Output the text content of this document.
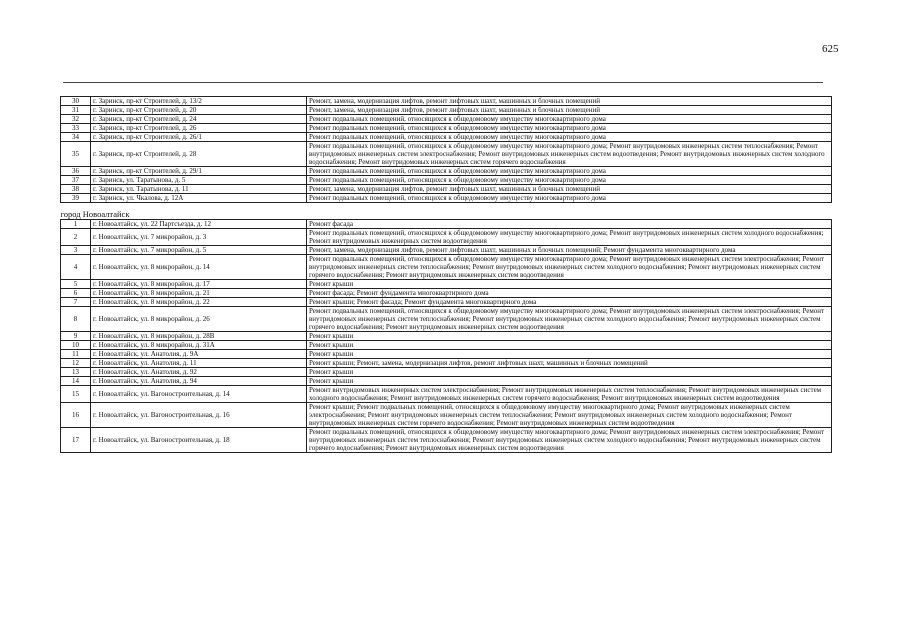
625
30	г. Заринск, пр-кт Строителей, д. 13/2	Ремонт, замена, модернизация лифтов, ремонт лифтовых шахт, машинных и блочных помещений
31	г. Заринск, пр-кт Строителей, д. 20	Ремонт, замена, модернизация лифтов, ремонт лифтовых шахт, машинных и блочных помещений
32	г. Заринск, пр-кт Строителей, д. 24	Ремонт подвальных помещений, относящихся к общедомовому имуществу многоквартирного дома
33	г. Заринск, пр-кт Строителей, д. 26	Ремонт подвальных помещений, относящихся к общедомовому имуществу многоквартирного дома
34	г. Заринск, пр-кт Строителей, д. 26/1	Ремонт подвальных помещений, относящихся к общедомовому имуществу многоквартирного дома
35	г. Заринск, пр-кт Строителей, д. 28	Ремонт подвальных помещений, относящихся к общедомовому имуществу многоквартирного дома; Ремонт внутридомовых инженерных систем теплоснабжения; Ремонт внутридомовых инженерных систем электроснабжения; Ремонт внутридомовых инженерных систем водоотведения; Ремонт внутридомовых инженерных систем холодного водоснабжения; Ремонт внутридомовых инженерных систем горячего водоснабжения
36	г. Заринск, пр-кт Строителей, д. 29/1	Ремонт подвальных помещений, относящихся к общедомовому имуществу многоквартирного дома
37	г. Заринск, ул. Таратынова, д. 5	Ремонт подвальных помещений, относящихся к общедомовому имуществу многоквартирного дома
38	г. Заринск, ул. Таратынова, д. 11	Ремонт, замена, модернизация лифтов, ремонт лифтовых шахт, машинных и блочных помещений
39	г. Заринск, ул. Чкалова, д. 12А	Ремонт подвальных помещений, относящихся к общедомовому имуществу многоквартирного дома
город Новоалтайск		
1	г. Новоалтайск, ул. 22 Партсъезда, д. 12	Ремонт фасада
2	г. Новоалтайск, ул. 7 микрорайон, д. 3	Ремонт подвальных помещений, относящихся к общедомовому имуществу многоквартирного дома; Ремонт внутридомовых инженерных систем холодного водоснабжения; Ремонт внутридомовых инженерных систем водоотведения
3	г. Новоалтайск, ул. 7 микрорайон, д. 5	Ремонт, замена, модернизация лифтов, ремонт лифтовых шахт, машинных и блочных помещений; Ремонт фундамента многоквартирного дома
4	г. Новоалтайск, ул. 8 микрорайон, д. 14	Ремонт подвальных помещений, относящихся к общедомовому имуществу многоквартирного дома; Ремонт внутридомовых инженерных систем электроснабжения; Ремонт внутридомовых инженерных систем теплоснабжения; Ремонт внутридомовых инженерных систем холодного водоснабжения; Ремонт внутридомовых инженерных систем горячего водоснабжения; Ремонт внутридомовых инженерных систем водоотведения
5	г. Новоалтайск, ул. 8 микрорайон, д. 17	Ремонт крыши
6	г. Новоалтайск, ул. 8 микрорайон, д. 21	Ремонт фасада; Ремонт фундамента многоквартирного дома
7	г. Новоалтайск, ул. 8 микрорайон, д. 22	Ремонт крыши; Ремонт фасада; Ремонт фундамента многоквартирного дома
8	г. Новоалтайск, ул. 8 микрорайон, д. 26	Ремонт подвальных помещений, относящихся к общедомовому имуществу многоквартирного дома; Ремонт внутридомовых инженерных систем электроснабжения; Ремонт внутридомовых инженерных систем теплоснабжения; Ремонт внутридомовых инженерных систем холодного водоснабжения; Ремонт внутридомовых инженерных систем горячего водоснабжения; Ремонт внутридомовых инженерных систем водоотведения
9	г. Новоалтайск, ул. 8 микрорайон, д. 28В	Ремонт крыши
10	г. Новоалтайск, ул. 8 микрорайон, д. 31А	Ремонт крыши
11	г. Новоалтайск, ул. Анатолия, д. 9А	Ремонт крыши
12	г. Новоалтайск, ул. Анатолия, д. 11	Ремонт крыши; Ремонт, замена, модернизация лифтов, ремонт лифтовых шахт, машинных и блочных помещений
13	г. Новоалтайск, ул. Анатолия, д. 92	Ремонт крыши
14	г. Новоалтайск, ул. Анатолия, д. 94	Ремонт крыши
15	г. Новоалтайск, ул. Вагоностроительная, д. 14	Ремонт внутридомовых инженерных систем электроснабжения; Ремонт внутридомовых инженерных систем теплоснабжения; Ремонт внутридомовых инженерных систем холодного водоснабжения; Ремонт внутридомовых инженерных систем горячего водоснабжения; Ремонт внутридомовых инженерных систем водоотведения
16	г. Новоалтайск, ул. Вагоностроительная, д. 16	Ремонт крыши; Ремонт подвальных помещений, относящихся к общедомовому имуществу многоквартирного дома; Ремонт внутридомовых инженерных систем электроснабжения; Ремонт внутридомовых инженерных систем теплоснабжения; Ремонт внутридомовых инженерных систем холодного водоснабжения; Ремонт внутридомовых инженерных систем горячего водоснабжения; Ремонт внутридомовых инженерных систем водоотведения
17	г. Новоалтайск, ул. Вагоностроительная, д. 18	Ремонт подвальных помещений, относящихся к общедомовому имуществу многоквартирного дома; Ремонт внутридомовых инженерных систем электроснабжения; Ремонт внутридомовых инженерных систем теплоснабжения; Ремонт внутридомовых инженерных систем холодного водоснабжения; Ремонт внутридомовых инженерных систем горячего водоснабжения; Ремонт внутридомовых инженерных систем водоотведения
